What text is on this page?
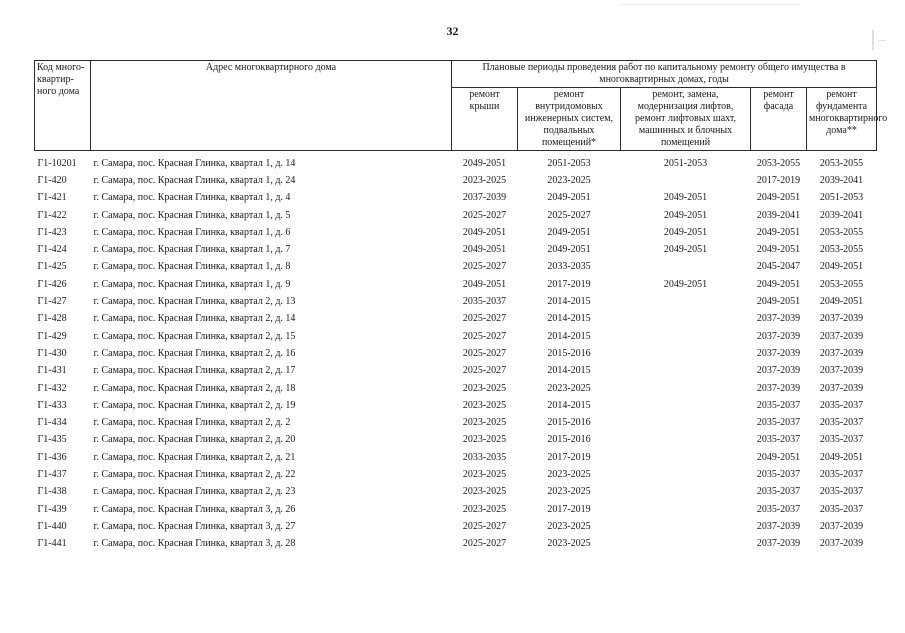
32
Код много-квартир-ного дома	Адрес многоквартирного дома	Плановые периоды проведения работ по капитальному ремонту общего имущества в многоквартирных домах, годы				
		ремонт крыши	ремонт внутридомовых инженерных систем, подвальных помещений*	ремонт, замена, модернизация лифтов, ремонт лифтовых шахт, машинных и блочных помещений	ремонт фасада	ремонт фундамента многоквартирного дома**
Г1-10201	г. Самара, пос. Красная Глинка, квартал 1, д. 14	2049-2051	2051-2053	2051-2053	2053-2055	2053-2055
Г1-420	г. Самара, пос. Красная Глинка, квартал 1, д. 24	2023-2025	2023-2025		2017-2019	2039-2041
Г1-421	г. Самара, пос. Красная Глинка, квартал 1, д. 4	2037-2039	2049-2051	2049-2051	2049-2051	2051-2053
Г1-422	г. Самара, пос. Красная Глинка, квартал 1, д. 5	2025-2027	2025-2027	2049-2051	2039-2041	2039-2041
Г1-423	г. Самара, пос. Красная Глинка, квартал 1, д. 6	2049-2051	2049-2051	2049-2051	2049-2051	2053-2055
Г1-424	г. Самара, пос. Красная Глинка, квартал 1, д. 7	2049-2051	2049-2051	2049-2051	2049-2051	2053-2055
Г1-425	г. Самара, пос. Красная Глинка, квартал 1, д. 8	2025-2027	2033-2035		2045-2047	2049-2051
Г1-426	г. Самара, пос. Красная Глинка, квартал 1, д. 9	2049-2051	2017-2019	2049-2051	2049-2051	2053-2055
Г1-427	г. Самара, пос. Красная Глинка, квартал 2, д. 13	2035-2037	2014-2015		2049-2051	2049-2051
Г1-428	г. Самара, пос. Красная Глинка, квартал 2, д. 14	2025-2027	2014-2015		2037-2039	2037-2039
Г1-429	г. Самара, пос. Красная Глинка, квартал 2, д. 15	2025-2027	2014-2015		2037-2039	2037-2039
Г1-430	г. Самара, пос. Красная Глинка, квартал 2, д. 16	2025-2027	2015-2016		2037-2039	2037-2039
Г1-431	г. Самара, пос. Красная Глинка, квартал 2, д. 17	2025-2027	2014-2015		2037-2039	2037-2039
Г1-432	г. Самара, пос. Красная Глинка, квартал 2, д. 18	2023-2025	2023-2025		2037-2039	2037-2039
Г1-433	г. Самара, пос. Красная Глинка, квартал 2, д. 19	2023-2025	2014-2015		2035-2037	2035-2037
Г1-434	г. Самара, пос. Красная Глинка, квартал 2, д. 2	2023-2025	2015-2016		2035-2037	2035-2037
Г1-435	г. Самара, пос. Красная Глинка, квартал 2, д. 20	2023-2025	2015-2016		2035-2037	2035-2037
Г1-436	г. Самара, пос. Красная Глинка, квартал 2, д. 21	2033-2035	2017-2019		2049-2051	2049-2051
Г1-437	г. Самара, пос. Красная Глинка, квартал 2, д. 22	2023-2025	2023-2025		2035-2037	2035-2037
Г1-438	г. Самара, пос. Красная Глинка, квартал 2, д. 23	2023-2025	2023-2025		2035-2037	2035-2037
Г1-439	г. Самара, пос. Красная Глинка, квартал 3, д. 26	2023-2025	2017-2019		2035-2037	2035-2037
Г1-440	г. Самара, пос. Красная Глинка, квартал 3, д. 27	2025-2027	2023-2025		2037-2039	2037-2039
Г1-441	г. Самара, пос. Красная Глинка, квартал 3, д. 28	2025-2027	2023-2025		2037-2039	2037-2039
